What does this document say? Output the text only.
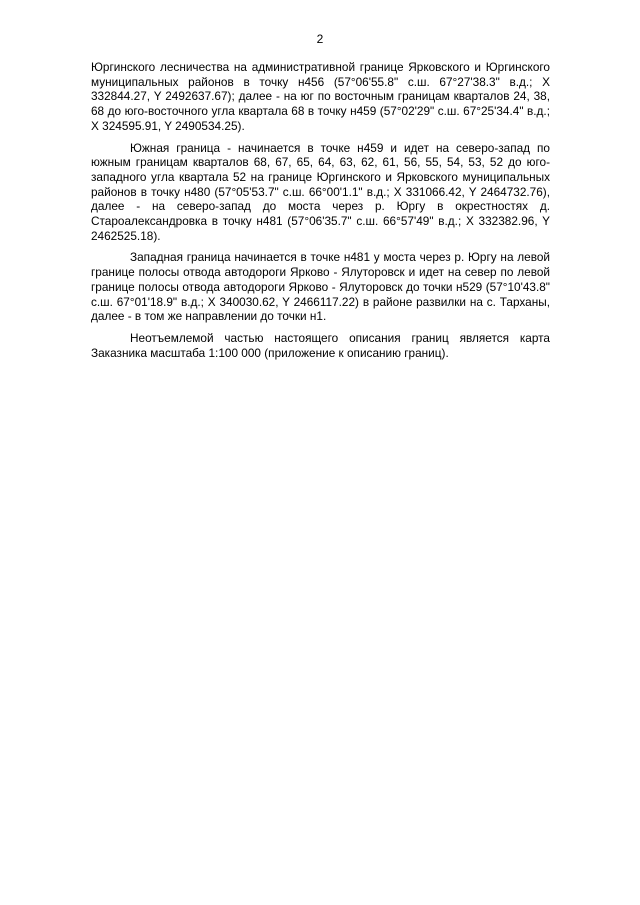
2

Юргинского лесничества на административной границе Ярковского и Юргинского муниципальных районов в точку н456 (57°06'55.8" с.ш. 67°27'38.3" в.д.; X 332844.27, Y 2492637.67); далее - на юг по восточным границам кварталов 24, 38, 68 до юго-восточного угла квартала 68 в точку н459 (57°02'29" с.ш. 67°25'34.4" в.д.; X 324595.91, Y 2490534.25).

Южная граница - начинается в точке н459 и идет на северо-запад по южным границам кварталов 68, 67, 65, 64, 63, 62, 61, 56, 55, 54, 53, 52 до юго-западного угла квартала 52 на границе Юргинского и Ярковского муниципальных районов в точку н480 (57°05'53.7" с.ш. 66°00'1.1" в.д.; X 331066.42, Y 2464732.76), далее - на северо-запад до моста через р. Юргу в окрестностях д. Староалександровка в точку н481 (57°06'35.7" с.ш. 66°57'49" в.д.; X 332382.96, Y 2462525.18).

Западная граница начинается в точке н481 у моста через р. Юргу на левой границе полосы отвода автодороги Ярково - Ялуторовск и идет на север по левой границе полосы отвода автодороги Ярково - Ялуторовск до точки н529 (57°10'43.8" с.ш. 67°01'18.9" в.д.; X 340030.62, Y 2466117.22) в районе развилки на с. Тарханы, далее - в том же направлении до точки н1.

Неотъемлемой частью настоящего описания границ является карта Заказника масштаба 1:100 000 (приложение к описанию границ).
